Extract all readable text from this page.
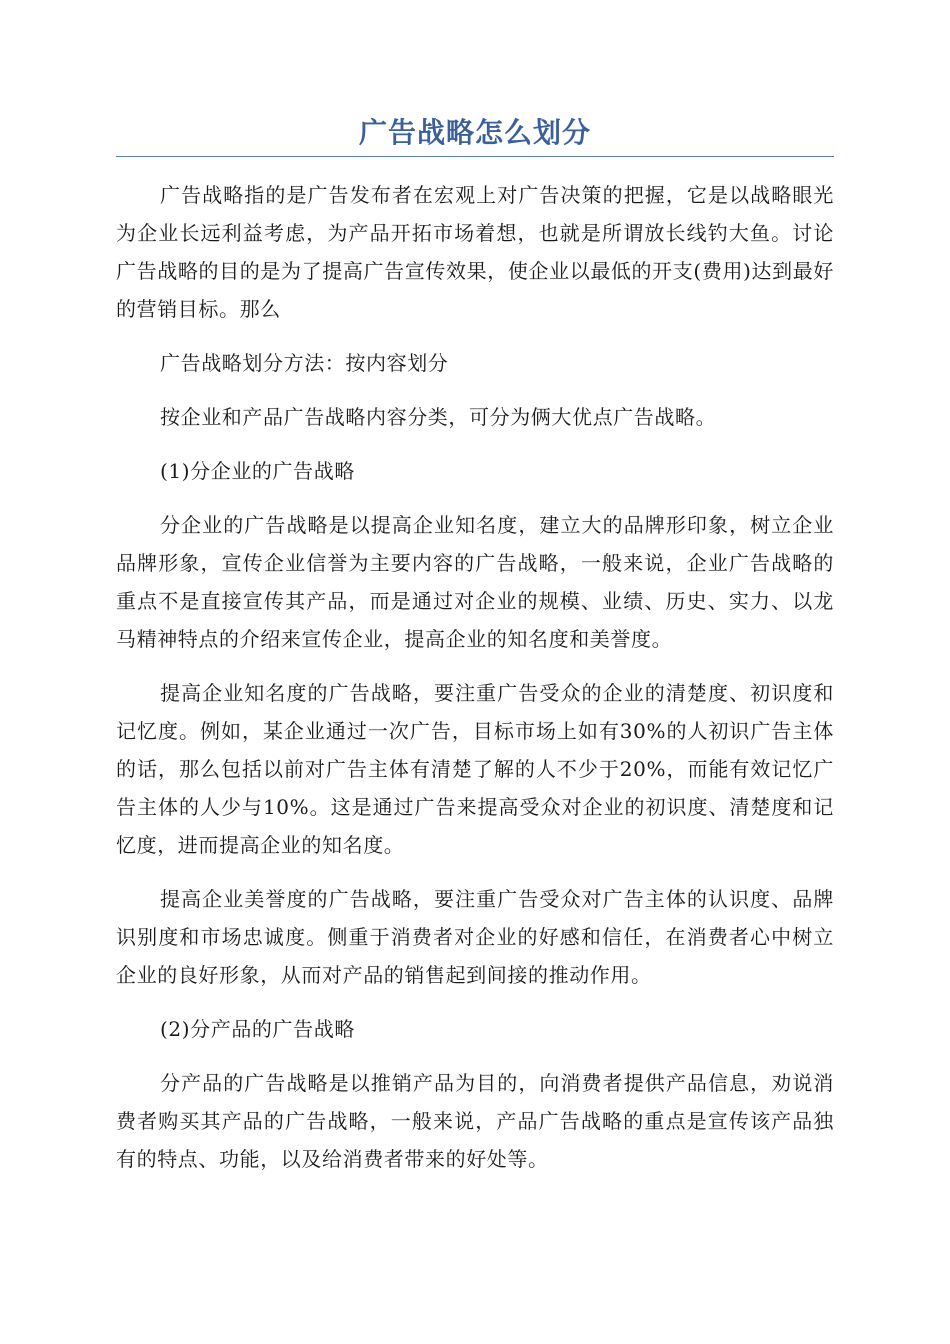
广告战略怎么划分

广告战略指的是广告发布者在宏观上对广告决策的把握，它是以战略眼光为企业长远利益考虑，为产品开拓市场着想，也就是所谓放长线钓大鱼。讨论广告战略的目的是为了提高广告宣传效果，使企业以最低的开支(费用)达到最好的营销目标。那么

广告战略划分方法：按内容划分

按企业和产品广告战略内容分类，可分为俩大优点广告战略。

(1)分企业的广告战略

分企业的广告战略是以提高企业知名度，建立大的品牌形印象，树立企业品牌形象，宣传企业信誉为主要内容的广告战略，一般来说，企业广告战略的重点不是直接宣传其产品，而是通过对企业的规模、业绩、历史、实力、以龙马精神特点的介绍来宣传企业，提高企业的知名度和美誉度。

提高企业知名度的广告战略，要注重广告受众的企业的清楚度、初识度和记忆度。例如，某企业通过一次广告，目标市场上如有30%的人初识广告主体的话，那么包括以前对广告主体有清楚了解的人不少于20%，而能有效记忆广告主体的人少与10%。这是通过广告来提高受众对企业的初识度、清楚度和记忆度，进而提高企业的知名度。

提高企业美誉度的广告战略，要注重广告受众对广告主体的认识度、品牌识别度和市场忠诚度。侧重于消费者对企业的好感和信任，在消费者心中树立企业的良好形象，从而对产品的销售起到间接的推动作用。

(2)分产品的广告战略

分产品的广告战略是以推销产品为目的，向消费者提供产品信息，劝说消费者购买其产品的广告战略，一般来说，产品广告战略的重点是宣传该产品独有的特点、功能，以及给消费者带来的好处等。
